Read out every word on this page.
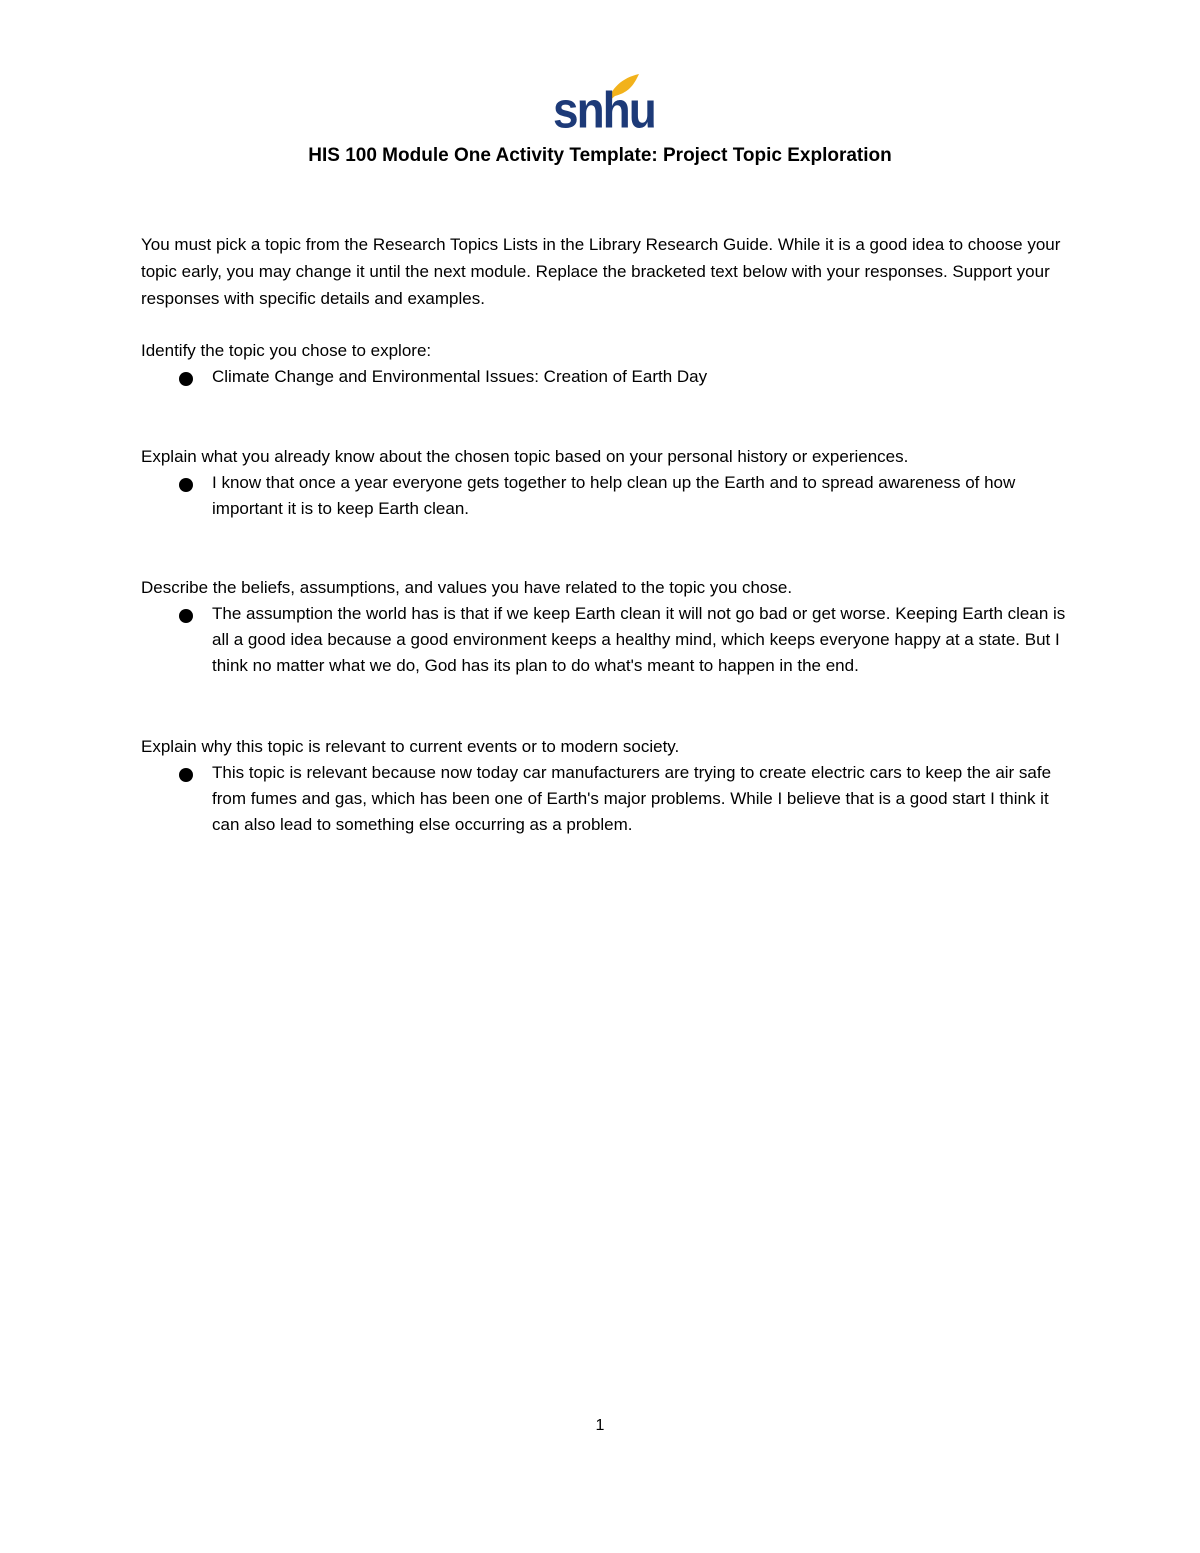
snhu
HIS 100 Module One Activity Template: Project Topic Exploration
You must pick a topic from the Research Topics Lists in the Library Research Guide. While it is a good idea to choose your topic early, you may change it until the next module. Replace the bracketed text below with your responses. Support your responses with specific details and examples.
Identify the topic you chose to explore:
Climate Change and Environmental Issues: Creation of Earth Day
Explain what you already know about the chosen topic based on your personal history or experiences.
I know that once a year everyone gets together to help clean up the Earth and to spread awareness of how important it is to keep Earth clean.
Describe the beliefs, assumptions, and values you have related to the topic you chose.
The assumption the world has is that if we keep Earth clean it will not go bad or get worse. Keeping Earth clean is all a good idea because a good environment keeps a healthy mind, which keeps everyone happy at a state. But I think no matter what we do, God has its plan to do what's meant to happen in the end.
Explain why this topic is relevant to current events or to modern society.
This topic is relevant because now today car manufacturers are trying to create electric cars to keep the air safe from fumes and gas, which has been one of Earth's major problems. While I believe that is a good start I think it can also lead to something else occurring as a problem.
1
